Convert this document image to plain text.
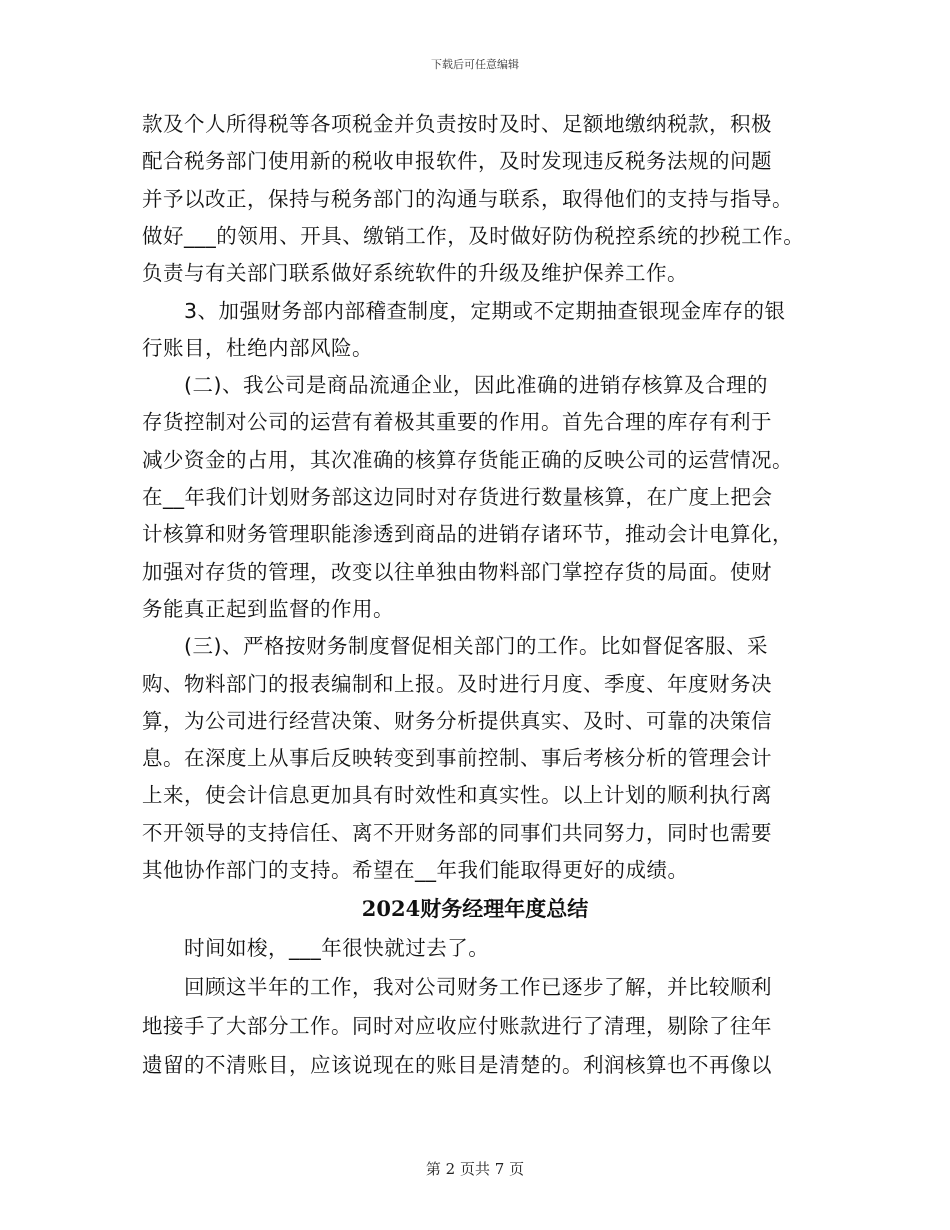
下载后可任意编辑
款及个人所得税等各项税金并负责按时及时、足额地缴纳税款，积极
配合税务部门使用新的税收申报软件，及时发现违反税务法规的问题
并予以改正，保持与税务部门的沟通与联系，取得他们的支持与指导。
做好___的领用、开具、缴销工作，及时做好防伪税控系统的抄税工作。
负责与有关部门联系做好系统软件的升级及维护保养工作。
　　3、加强财务部内部稽查制度，定期或不定期抽查银现金库存的银
行账目，杜绝内部风险。
　　(二)、我公司是商品流通企业，因此准确的进销存核算及合理的
存货控制对公司的运营有着极其重要的作用。首先合理的库存有利于
减少资金的占用，其次准确的核算存货能正确的反映公司的运营情况。
在__年我们计划财务部这边同时对存货进行数量核算，在广度上把会
计核算和财务管理职能渗透到商品的进销存诸环节，推动会计电算化，
加强对存货的管理，改变以往单独由物料部门掌控存货的局面。使财
务能真正起到监督的作用。
　　(三)、严格按财务制度督促相关部门的工作。比如督促客服、采
购、物料部门的报表编制和上报。及时进行月度、季度、年度财务决
算，为公司进行经营决策、财务分析提供真实、及时、可靠的决策信
息。在深度上从事后反映转变到事前控制、事后考核分析的管理会计
上来，使会计信息更加具有时效性和真实性。以上计划的顺利执行离
不开领导的支持信任、离不开财务部的同事们共同努力，同时也需要
其他协作部门的支持。希望在__年我们能取得更好的成绩。
2024财务经理年度总结
　　时间如梭，___年很快就过去了。
　　回顾这半年的工作，我对公司财务工作已逐步了解，并比较顺利
地接手了大部分工作。同时对应收应付账款进行了清理，剔除了往年
遗留的不清账目，应该说现在的账目是清楚的。利润核算也不再像以
第 2 页共 7 页
